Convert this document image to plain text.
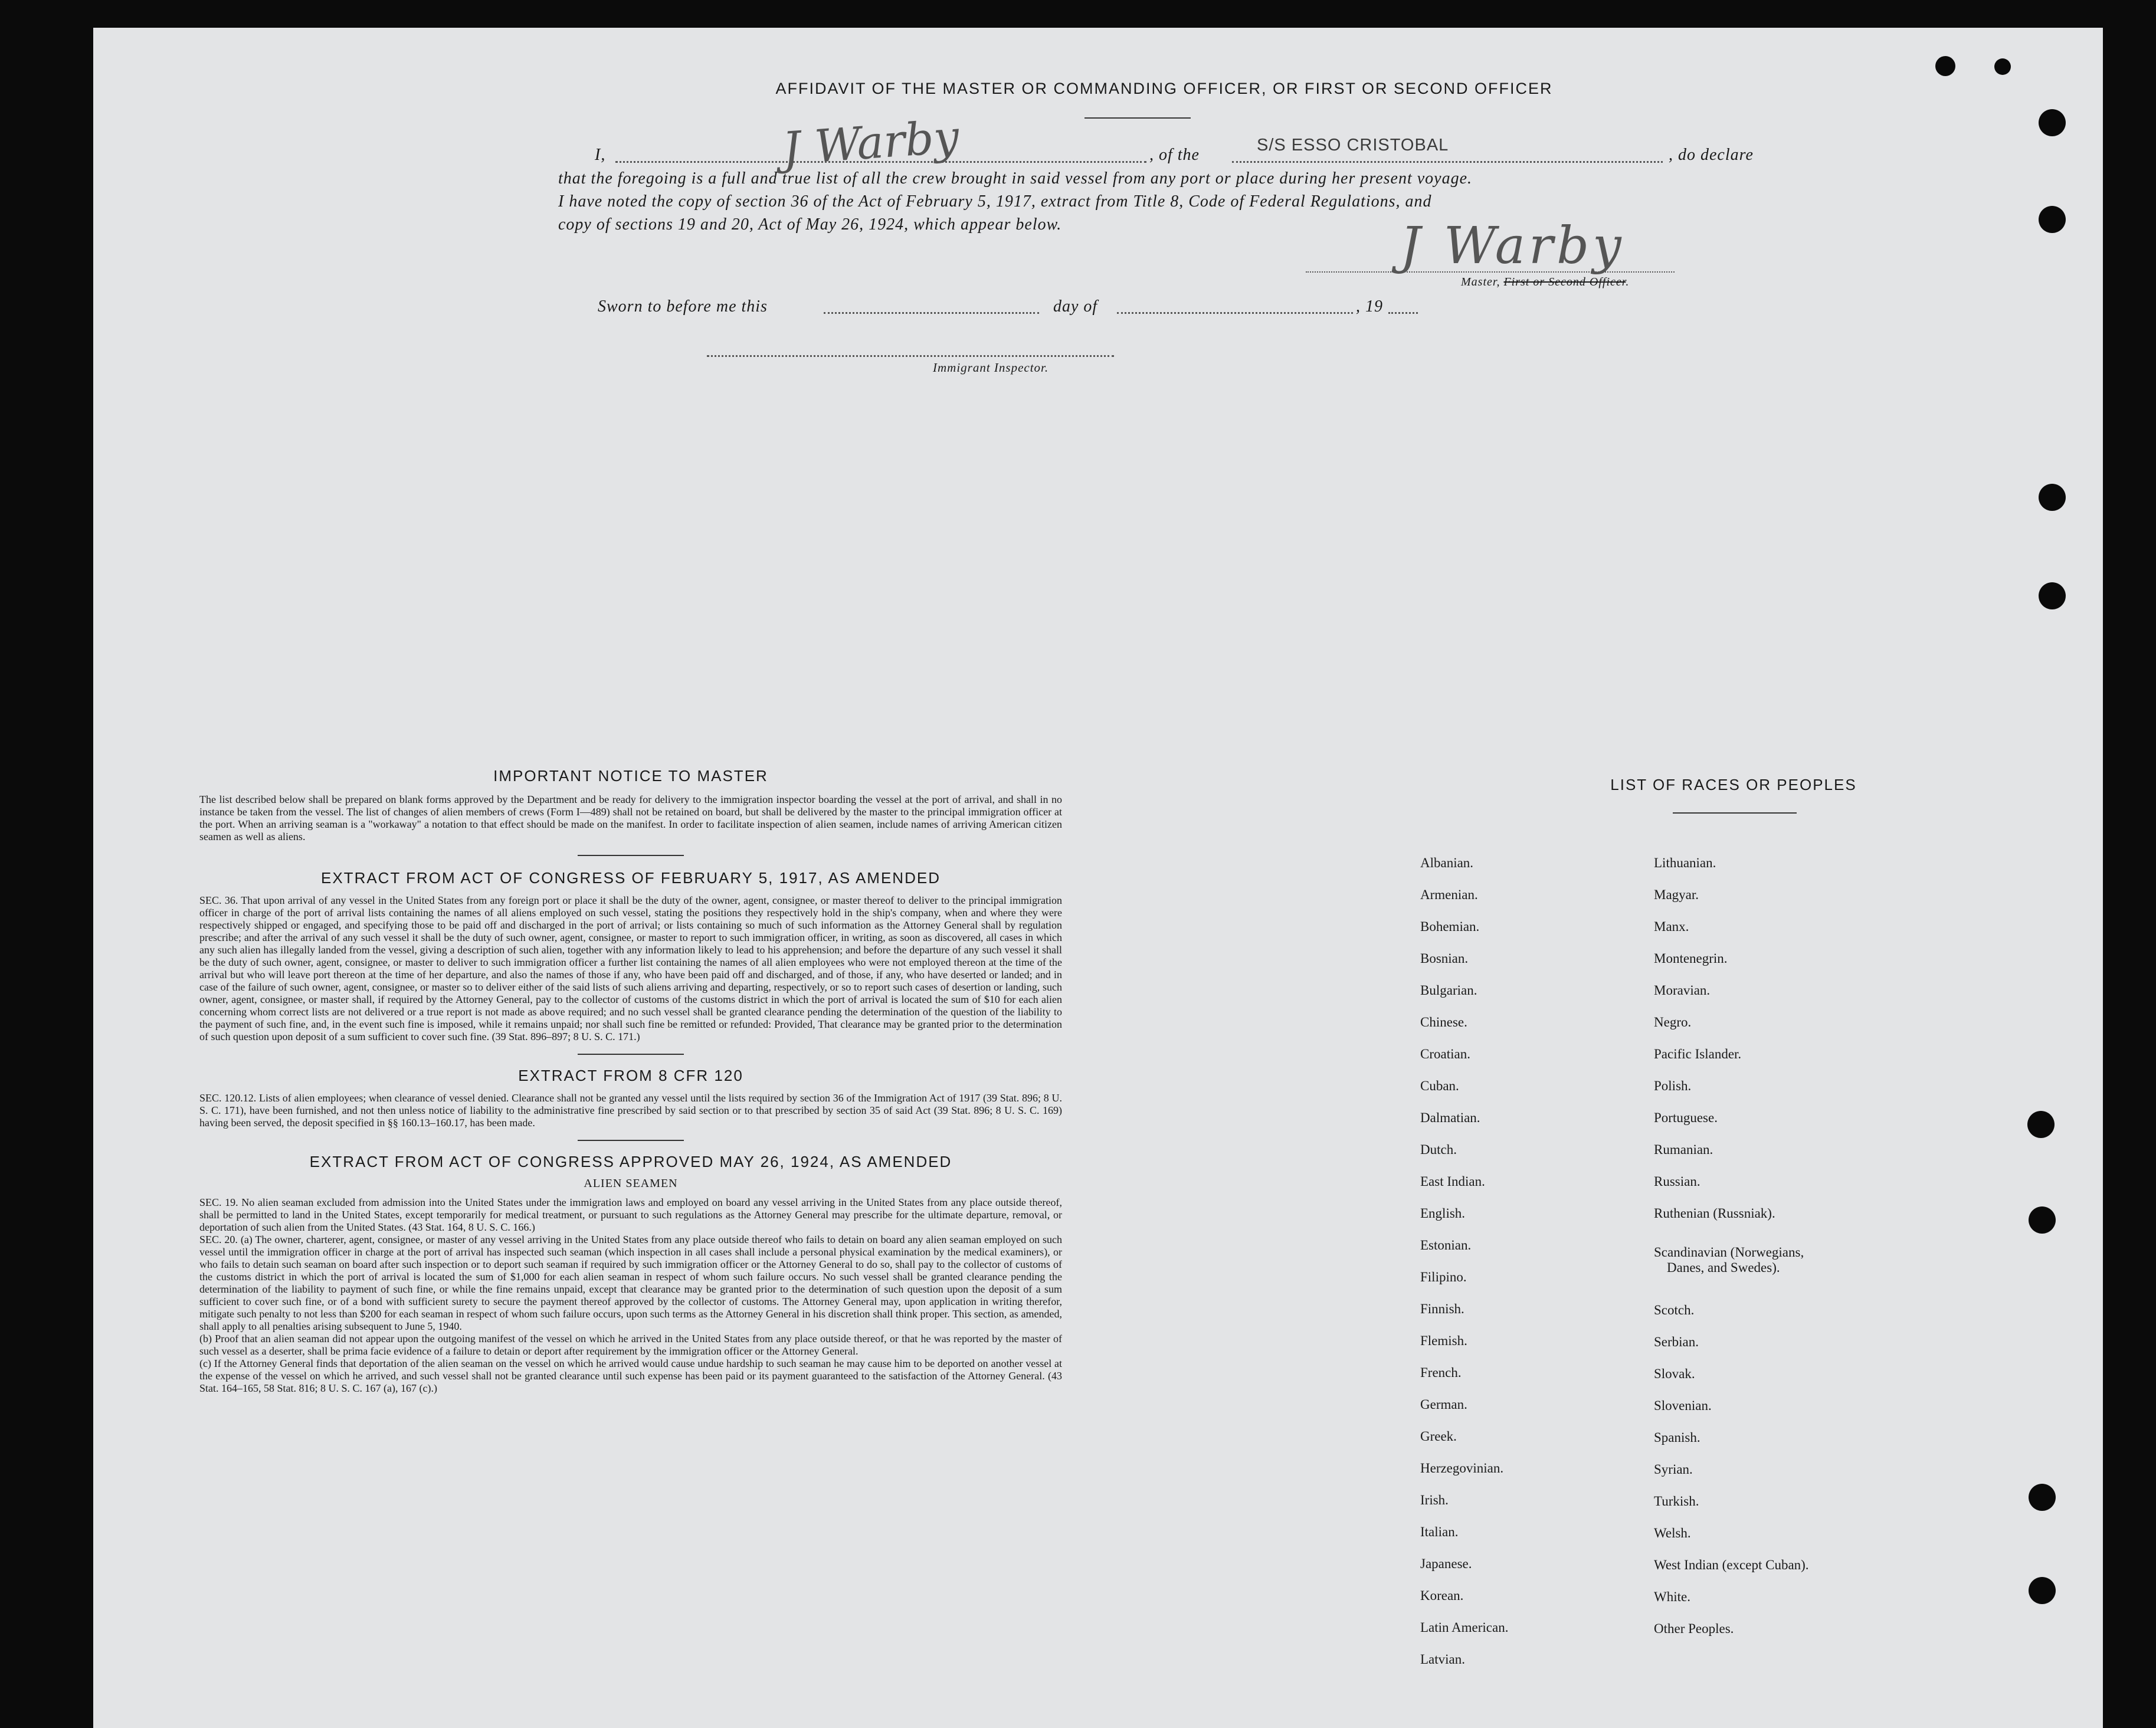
AFFIDAVIT OF THE MASTER OR COMMANDING OFFICER, OR FIRST OR SECOND OFFICER
I,	J Warby	, of the
S/S ESSO CRISTOBAL
, do declare
that the foregoing is a full and true list of all the crew brought in said vessel from any port or place during her present voyage.
I have noted the copy of section 36 of the Act of February 5, 1917, extract from Title 8, Code of Federal Regulations, and
copy of sections 19 and 20, Act of May 26, 1924, which appear below.	J Warby
Master, First or Second Officer.
Sworn to before me this	day of	, 19
Immigrant Inspector.
IMPORTANT NOTICE TO MASTER
The list described below shall be prepared on blank forms approved by the Department and be ready for delivery to the immigration inspector boarding the vessel at the port of arrival, and shall in no instance be taken from the vessel. The list of changes of alien members of crews (Form I—489) shall not be retained on board, but shall be delivered by the master to the principal immigration officer at the port. When an arriving seaman is a "workaway" a notation to that effect should be made on the manifest. In order to facilitate inspection of alien seamen, include names of arriving American citizen seamen as well as aliens.
EXTRACT FROM ACT OF CONGRESS OF FEBRUARY 5, 1917, AS AMENDED
SEC. 36. That upon arrival of any vessel in the United States from any foreign port or place it shall be the duty of the owner, agent, consignee, or master thereof to deliver to the principal immigration officer in charge of the port of arrival lists containing the names of all aliens employed on such vessel, stating the positions they respectively hold in the ship's company, when and where they were respectively shipped or engaged, and specifying those to be paid off and discharged in the port of arrival; or lists containing so much of such information as the Attorney General shall by regulation prescribe; and after the arrival of any such vessel it shall be the duty of such owner, agent, consignee, or master to report to such immigration officer, in writing, as soon as discovered, all cases in which any such alien has illegally landed from the vessel, giving a description of such alien, together with any information likely to lead to his apprehension; and before the departure of any such vessel it shall be the duty of such owner, agent, consignee, or master to deliver to such immigration officer a further list containing the names of all alien employees who were not employed thereon at the time of the arrival but who will leave port thereon at the time of her departure, and also the names of those if any, who have been paid off and discharged, and of those, if any, who have deserted or landed; and in case of the failure of such owner, agent, consignee, or master so to deliver either of the said lists of such aliens arriving and departing, respectively, or so to report such cases of desertion or landing, such owner, agent, consignee, or master shall, if required by the Attorney General, pay to the collector of customs of the customs district in which the port of arrival is located the sum of $10 for each alien concerning whom correct lists are not delivered or a true report is not made as above required; and no such vessel shall be granted clearance pending the determination of the question of the liability to the payment of such fine, and, in the event such fine is imposed, while it remains unpaid; nor shall such fine be remitted or refunded: Provided, That clearance may be granted prior to the determination of such question upon deposit of a sum sufficient to cover such fine. (39 Stat. 896–897; 8 U. S. C. 171.)
EXTRACT FROM 8 CFR 120
SEC. 120.12. Lists of alien employees; when clearance of vessel denied. Clearance shall not be granted any vessel until the lists required by section 36 of the Immigration Act of 1917 (39 Stat. 896; 8 U. S. C. 171), have been furnished, and not then unless notice of liability to the administrative fine prescribed by said section or to that prescribed by section 35 of said Act (39 Stat. 896; 8 U. S. C. 169) having been served, the deposit specified in §§ 160.13–160.17, has been made.
EXTRACT FROM ACT OF CONGRESS APPROVED MAY 26, 1924, AS AMENDED
ALIEN SEAMEN
SEC. 19. No alien seaman excluded from admission into the United States under the immigration laws and employed on board any vessel arriving in the United States from any place outside thereof, shall be permitted to land in the United States, except temporarily for medical treatment, or pursuant to such regulations as the Attorney General may prescribe for the ultimate departure, removal, or deportation of such alien from the United States. (43 Stat. 164, 8 U. S. C. 166.)
SEC. 20. (a) The owner, charterer, agent, consignee, or master of any vessel arriving in the United States from any place outside thereof who fails to detain on board any alien seaman employed on such vessel until the immigration officer in charge at the port of arrival has inspected such seaman (which inspection in all cases shall include a personal physical examination by the medical examiners), or who fails to detain such seaman on board after such inspection or to deport such seaman if required by such immigration officer or the Attorney General to do so, shall pay to the collector of customs of the customs district in which the port of arrival is located the sum of $1,000 for each alien seaman in respect of whom such failure occurs. No such vessel shall be granted clearance pending the determination of the liability to payment of such fine, or while the fine remains unpaid, except that clearance may be granted prior to the determination of such question upon the deposit of a sum sufficient to cover such fine, or of a bond with sufficient surety to secure the payment thereof approved by the collector of customs. The Attorney General may, upon application in writing therefor, mitigate such penalty to not less than $200 for each seaman in respect of whom such failure occurs, upon such terms as the Attorney General in his discretion shall think proper. This section, as amended, shall apply to all penalties arising subsequent to June 5, 1940.
(b) Proof that an alien seaman did not appear upon the outgoing manifest of the vessel on which he arrived in the United States from any place outside thereof, or that he was reported by the master of such vessel as a deserter, shall be prima facie evidence of a failure to detain or deport after requirement by the immigration officer or the Attorney General.
(c) If the Attorney General finds that deportation of the alien seaman on the vessel on which he arrived would cause undue hardship to such seaman he may cause him to be deported on another vessel at the expense of the vessel on which he arrived, and such vessel shall not be granted clearance until such expense has been paid or its payment guaranteed to the satisfaction of the Attorney General. (43 Stat. 164–165, 58 Stat. 816; 8 U. S. C. 167 (a), 167 (c).)
LIST OF RACES OR PEOPLES
Albanian.
Armenian.
Bohemian.
Bosnian.
Bulgarian.
Chinese.
Croatian.
Cuban.
Dalmatian.
Dutch.
East Indian.
English.
Estonian.
Filipino.
Finnish.
Flemish.
French.
German.
Greek.
Herzegovinian.
Irish.
Italian.
Japanese.
Korean.
Latin American.
Latvian.
Lithuanian.
Magyar.
Manx.
Montenegrin.
Moravian.
Negro.
Pacific Islander.
Polish.
Portuguese.
Rumanian.
Russian.
Ruthenian (Russniak).
Scandinavian (Norwegians,
Danes, and Swedes).
Scotch.
Serbian.
Slovak.
Slovenian.
Spanish.
Syrian.
Turkish.
Welsh.
West Indian (except Cuban).
White.
Other Peoples.
